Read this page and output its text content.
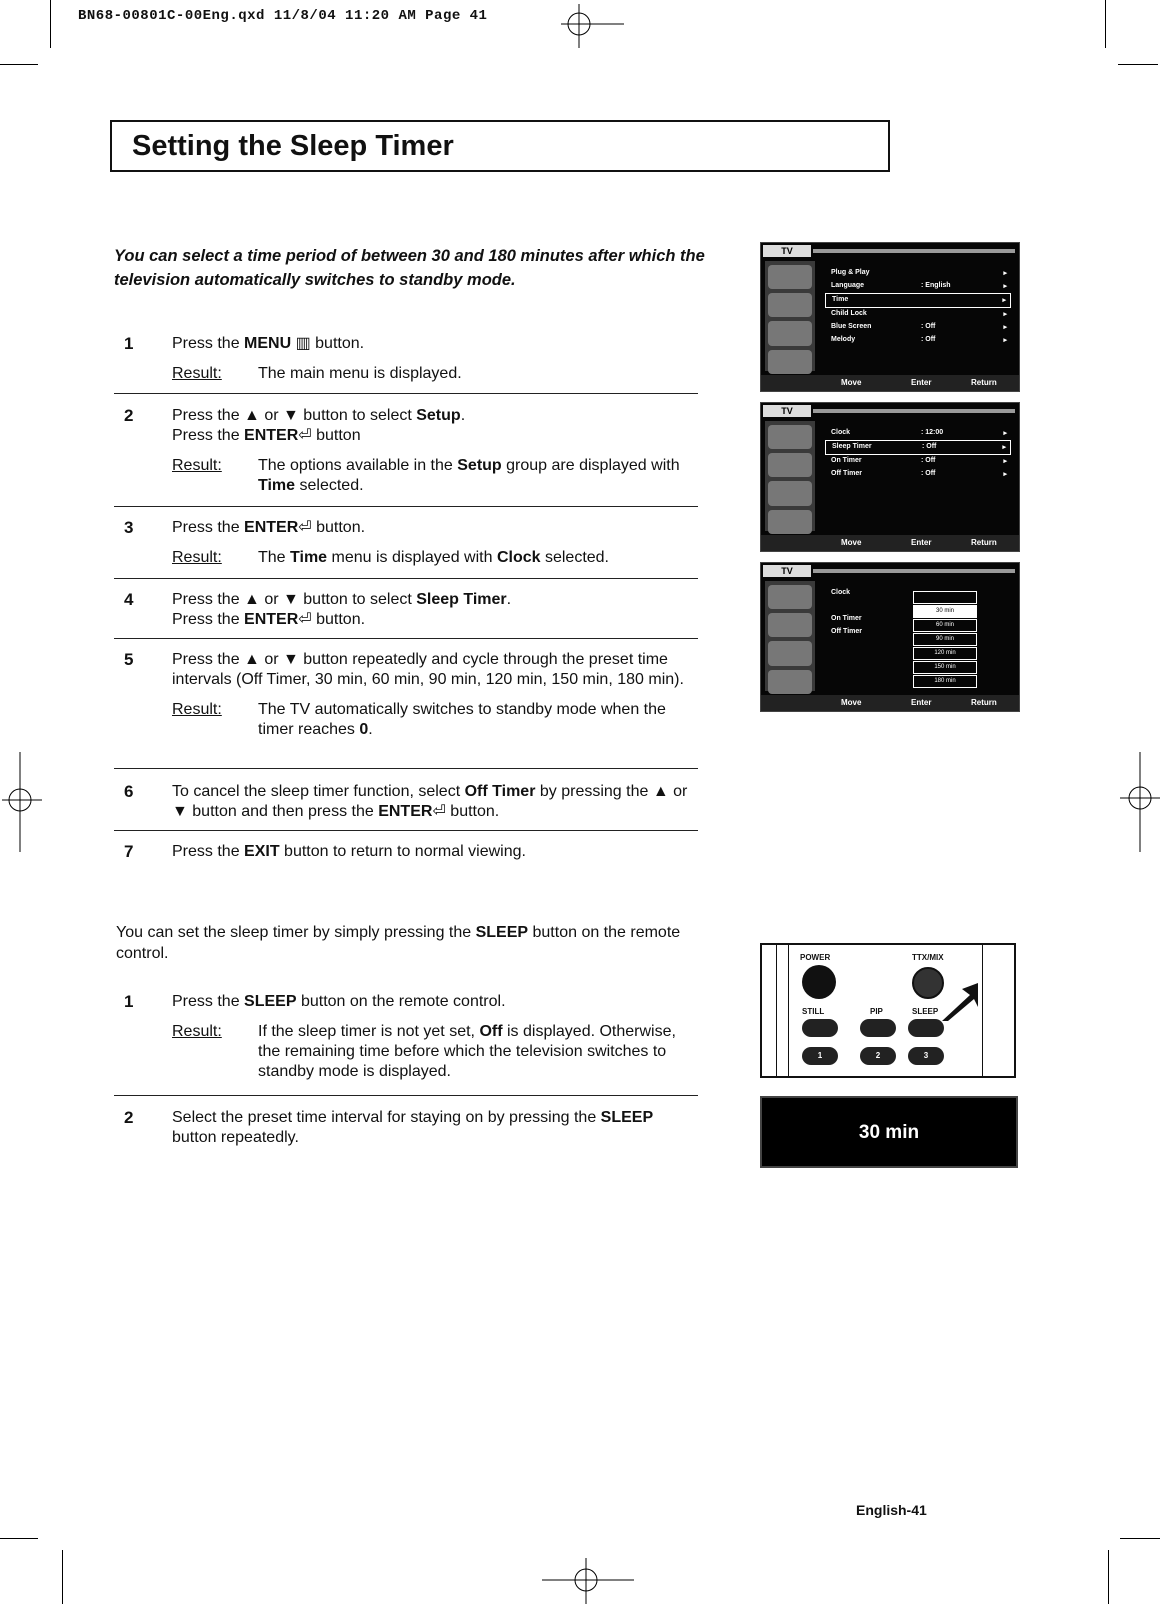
BN68-00801C-00Eng.qxd 11/8/04 11:20 AM Page 41
Setting the Sleep Timer
You can select a time period of between 30 and 180 minutes after which the television automatically switches to standby mode.
1 Press the MENU ▥ button.
Result: The main menu is displayed.
2 Press the ▲ or ▼ button to select Setup.
Press the ENTER⏎ button
Result: The options available in the Setup group are displayed with Time selected.
3 Press the ENTER⏎ button.
Result: The Time menu is displayed with Clock selected.
4 Press the ▲ or ▼ button to select Sleep Timer.
Press the ENTER⏎ button.
5 Press the ▲ or ▼ button repeatedly and cycle through the preset time intervals (Off Timer, 30 min, 60 min, 90 min, 120 min, 150 min, 180 min).
Result: The TV automatically switches to standby mode when the timer reaches 0.
6 To cancel the sleep timer function, select Off Timer by pressing the ▲ or ▼ button and then press the ENTER⏎ button.
7 Press the EXIT button to return to normal viewing.
You can set the sleep timer by simply pressing the SLEEP button on the remote control.
1 Press the SLEEP button on the remote control.
Result: If the sleep timer is not yet set, Off is displayed. Otherwise, the remaining time before which the television switches to standby mode is displayed.
2 Select the preset time interval for staying on by pressing the SLEEP button repeatedly.
TV
Plug & Play	▸
Language	: English	▸
Time	▸
Child Lock	▸
Blue Screen	: Off	▸
Melody	: Off	▸
Move	Enter	Return
TV
Clock	: 12:00	▸
Sleep Timer	: Off	▸
On Timer	: Off	▸
Off Timer	: Off	▸
Move	Enter	Return
TV
Clock
On Timer
Off Timer
30 min
60 min
90 min
120 min
150 min
180 min
Move	Enter	Return
POWER	TTX/MIX
STILL	PIP	SLEEP
1	2	3
30 min
English-41
